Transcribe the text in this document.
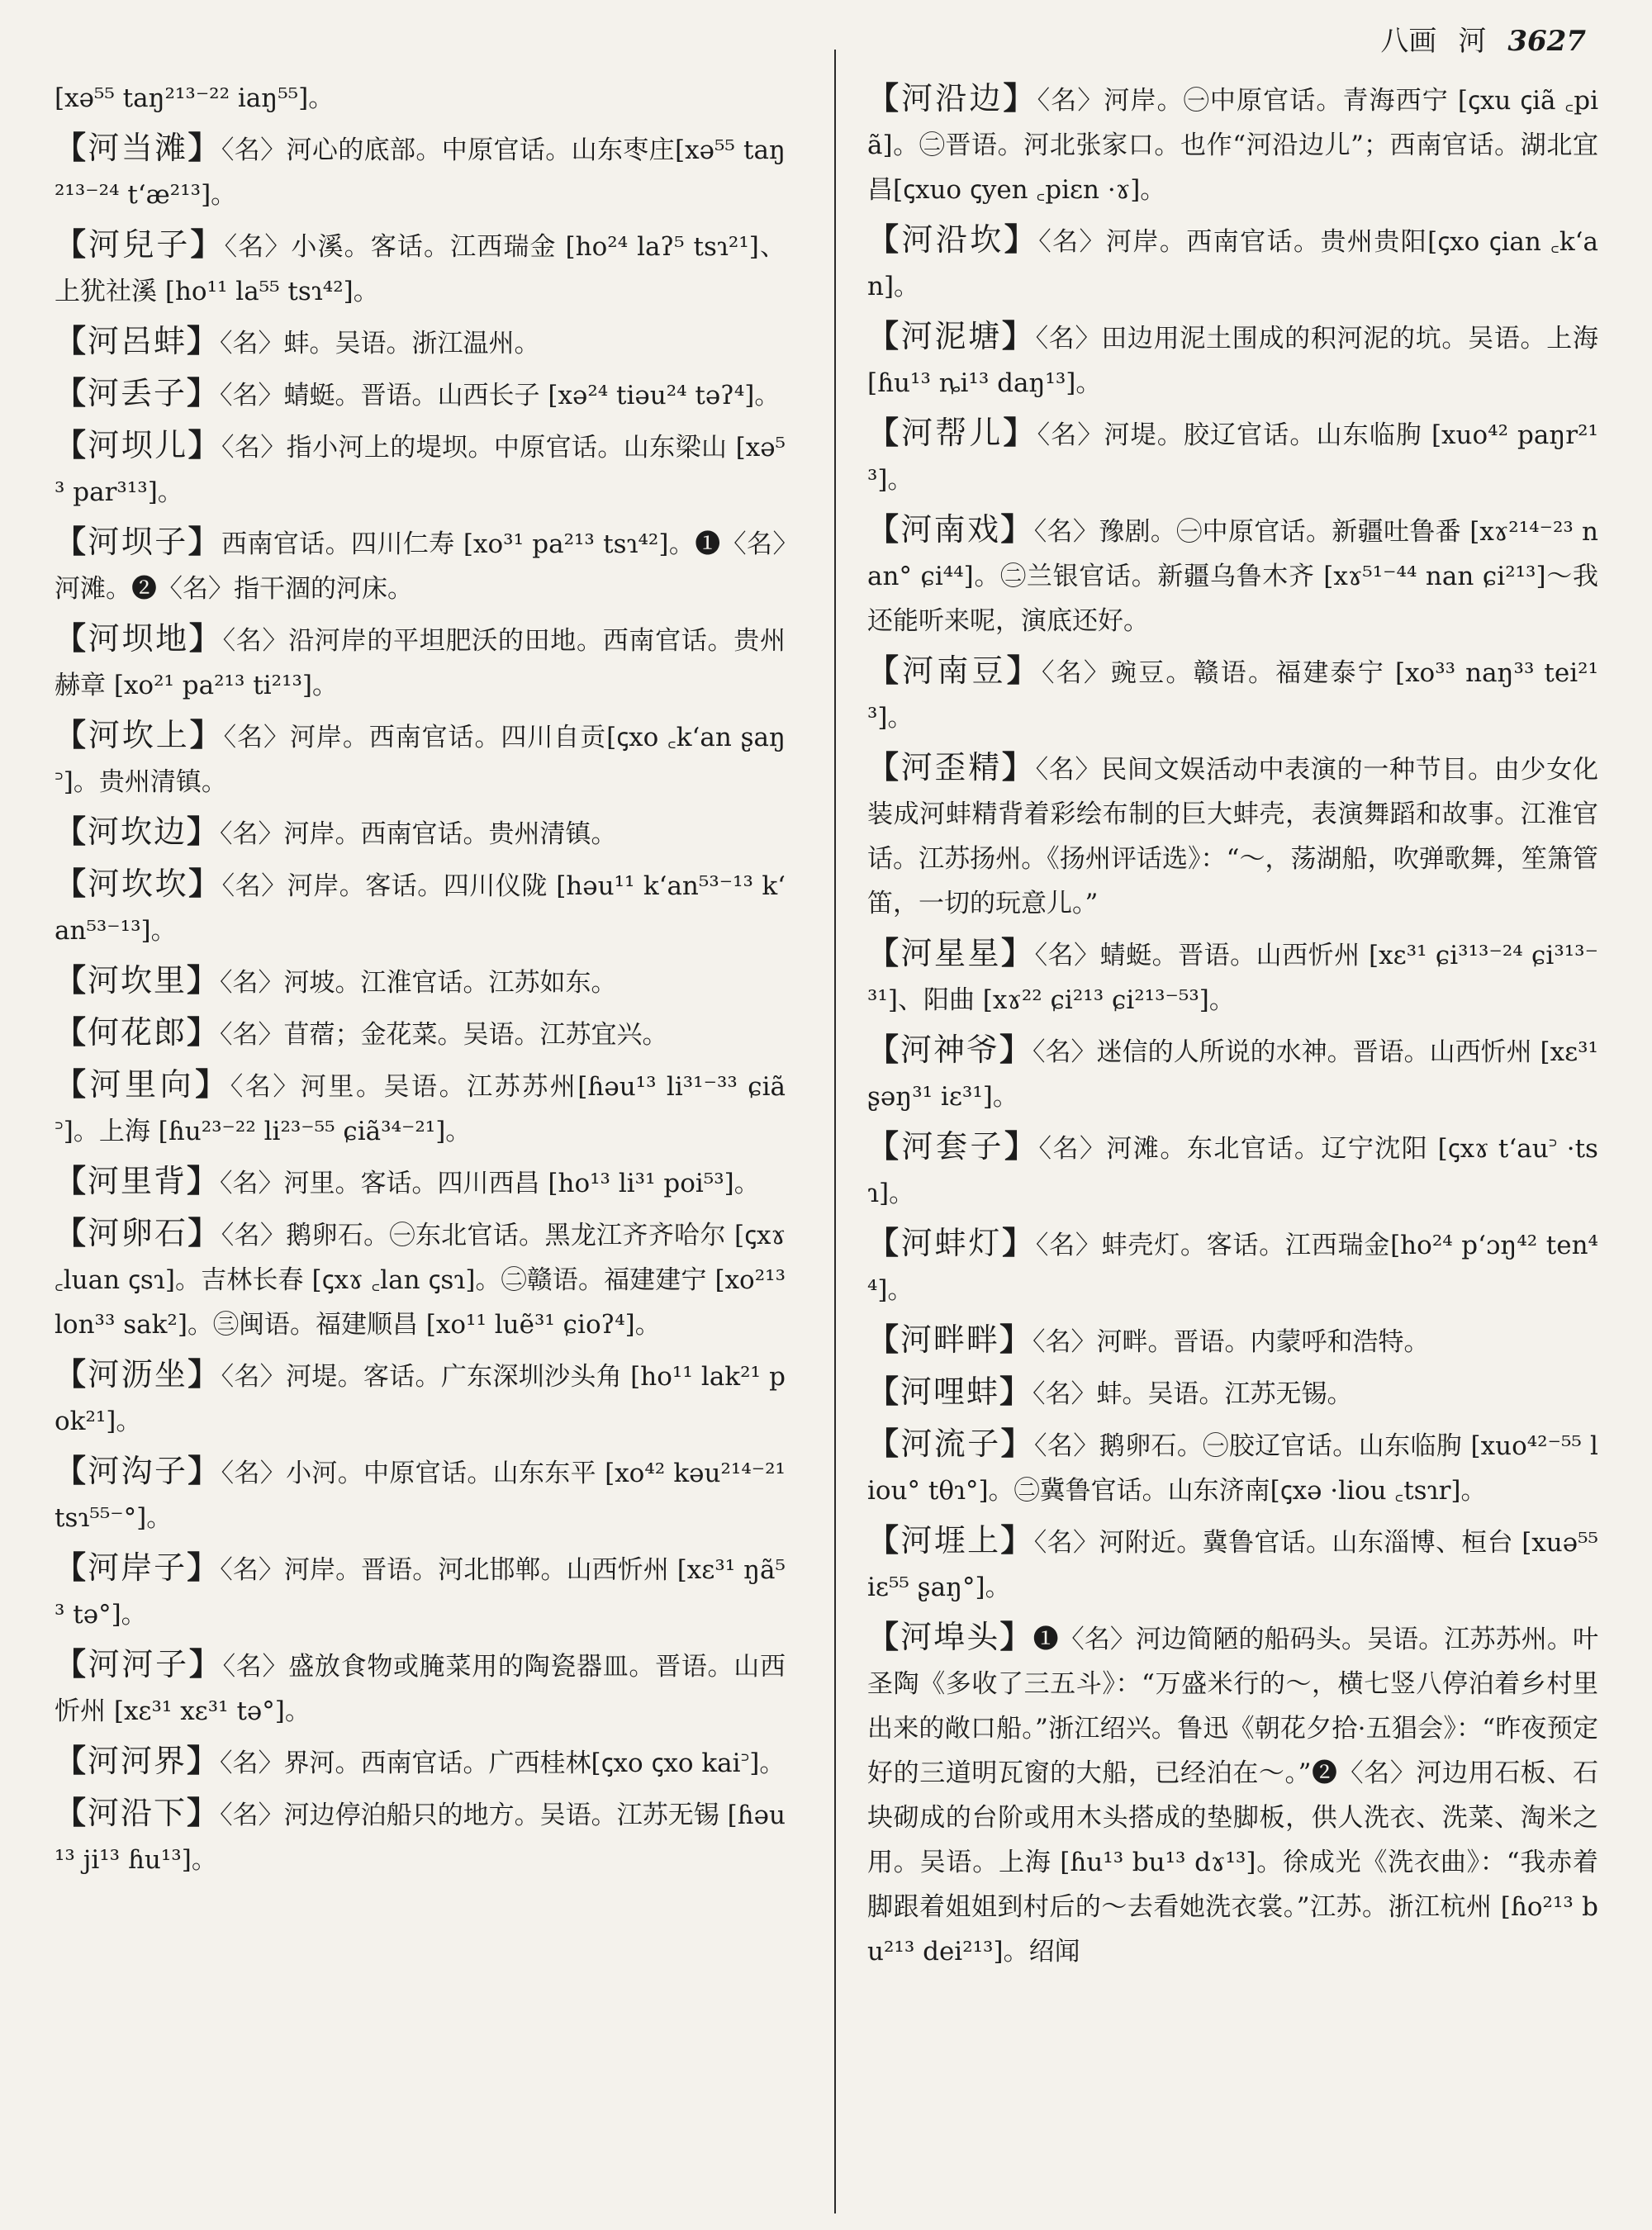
八画 河 3627

[xə⁵⁵ taŋ²¹³⁻²² iaŋ⁵⁵]。

【河当滩】〈名〉河心的底部。中原官话。山东枣庄[xə⁵⁵ taŋ²¹³⁻²⁴ tʻæ²¹³]。

【河兒子】〈名〉小溪。客话。江西瑞金 [ho²⁴ laʔ⁵ tsɿ²¹]、上犹社溪 [ho¹¹ la⁵⁵ tsɿ⁴²]。

【河呂蚌】〈名〉蚌。吴语。浙江温州。

【河丢子】〈名〉蜻蜓。晋语。山西长子 [xə²⁴ tiəu²⁴ təʔ⁴]。

【河坝儿】〈名〉指小河上的堤坝。中原官话。山东梁山 [xə⁵³ par³¹³]。

【河坝子】西南官话。四川仁寿 [xo³¹ pa²¹³ tsɿ⁴²]。❶〈名〉河滩。❷〈名〉指干涸的河床。

【河坝地】〈名〉沿河岸的平坦肥沃的田地。西南官话。贵州赫章 [xo²¹ pa²¹³ ti²¹³]。

【河坎上】〈名〉河岸。西南官话。四川自贡[ꞔxo ꜀kʻan ʂaŋ꜄]。贵州清镇。

【河坎边】〈名〉河岸。西南官话。贵州清镇。

【河坎坎】〈名〉河岸。客话。四川仪陇 [həu¹¹ kʻan⁵³⁻¹³ kʻan⁵³⁻¹³]。

【河坎里】〈名〉河坡。江淮官话。江苏如东。

【何花郎】〈名〉苜蓿；金花菜。吴语。江苏宜兴。

【河里向】〈名〉河里。吴语。江苏苏州[ɦəu¹³ li³¹⁻³³ ɕiã꜄]。上海 [ɦu²³⁻²² li²³⁻⁵⁵ ɕiã³⁴⁻²¹]。

【河里背】〈名〉河里。客话。四川西昌 [ho¹³ li³¹ poi⁵³]。

【河卵石】〈名〉鹅卵石。㊀东北官话。黑龙江齐齐哈尔 [ꞔxɤ ꜀luan ꞔsɿ]。吉林长春 [ꞔxɤ ꜀lan ꞔsɿ]。㊁赣语。福建建宁 [xo²¹³ lon³³ sak²]。㊂闽语。福建顺昌 [xo¹¹ luẽ³¹ ɕioʔ⁴]。

【河沥坐】〈名〉河堤。客话。广东深圳沙头角 [ho¹¹ lak²¹ pok²¹]。

【河沟子】〈名〉小河。中原官话。山东东平 [xo⁴² kəu²¹⁴⁻²¹ tsɿ⁵⁵⁻°]。

【河岸子】〈名〉河岸。晋语。河北邯郸。山西忻州 [xɛ³¹ ŋã⁵³ tə°]。

【河河子】〈名〉盛放食物或腌菜用的陶瓷器皿。晋语。山西忻州 [xɛ³¹ xɛ³¹ tə°]。

【河河界】〈名〉界河。西南官话。广西桂林[ꞔxo ꞔxo kai꜄]。

【河沿下】〈名〉河边停泊船只的地方。吴语。江苏无锡 [ɦəu¹³ ji¹³ ɦu¹³]。

【河沿边】〈名〉河岸。㊀中原官话。青海西宁 [ꞔxu ꞔiã ꜀piã]。㊁晋语。河北张家口。也作“河沿边儿”；西南官话。湖北宜昌[ꞔxuo ꞔyen ꜀piɛn ·ɤ]。

【河沿坎】〈名〉河岸。西南官话。贵州贵阳[ꞔxo ꞔian ꜀kʻan]。

【河泥塘】〈名〉田边用泥土围成的积河泥的坑。吴语。上海 [ɦu¹³ ȵi¹³ daŋ¹³]。

【河帮儿】〈名〉河堤。胶辽官话。山东临朐 [xuo⁴² paŋr²¹³]。

【河南戏】〈名〉豫剧。㊀中原官话。新疆吐鲁番 [xɤ²¹⁴⁻²³ nan° ɕi⁴⁴]。㊁兰银官话。新疆乌鲁木齐 [xɤ⁵¹⁻⁴⁴ nan ɕi²¹³]～我还能听来呢，演底还好。

【河南豆】〈名〉豌豆。赣语。福建泰宁 [xo³³ naŋ³³ tei²¹³]。

【河歪精】〈名〉民间文娱活动中表演的一种节目。由少女化装成河蚌精背着彩绘布制的巨大蚌壳，表演舞蹈和故事。江淮官话。江苏扬州。《扬州评话选》：“～，荡湖船，吹弹歌舞，笙箫管笛，一切的玩意儿。”

【河星星】〈名〉蜻蜓。晋语。山西忻州 [xɛ³¹ ɕi³¹³⁻²⁴ ɕi³¹³⁻³¹]、阳曲 [xɤ²² ɕi²¹³ ɕi²¹³⁻⁵³]。

【河神爷】〈名〉迷信的人所说的水神。晋语。山西忻州 [xɛ³¹ ʂəŋ³¹ iɛ³¹]。

【河套子】〈名〉河滩。东北官话。辽宁沈阳 [ꞔxɤ tʻau꜄ ·tsɿ]。

【河蚌灯】〈名〉蚌壳灯。客话。江西瑞金[ho²⁴ pʻɔŋ⁴² ten⁴⁴]。

【河畔畔】〈名〉河畔。晋语。内蒙呼和浩特。

【河哩蚌】〈名〉蚌。吴语。江苏无锡。

【河流子】〈名〉鹅卵石。㊀胶辽官话。山东临朐 [xuo⁴²⁻⁵⁵ liou° tθɿ°]。㊁冀鲁官话。山东济南[ꞔxə ·liou ꜀tsɿr]。

【河堐上】〈名〉河附近。冀鲁官话。山东淄博、桓台 [xuə⁵⁵ iɛ⁵⁵ ʂaŋ°]。

【河埠头】❶〈名〉河边简陋的船码头。吴语。江苏苏州。叶圣陶《多收了三五斗》：“万盛米行的～，横七竖八停泊着乡村里出来的敞口船。”浙江绍兴。鲁迅《朝花夕拾·五猖会》：“昨夜预定好的三道明瓦窗的大船，已经泊在～。”❷〈名〉河边用石板、石块砌成的台阶或用木头搭成的垫脚板，供人洗衣、洗菜、淘米之用。吴语。上海 [ɦu¹³ bu¹³ dɤ¹³]。徐成光《洗衣曲》：“我赤着脚跟着姐姐到村后的～去看她洗衣裳。”江苏。浙江杭州 [ɦo²¹³ bu²¹³ dei²¹³]。绍闻
